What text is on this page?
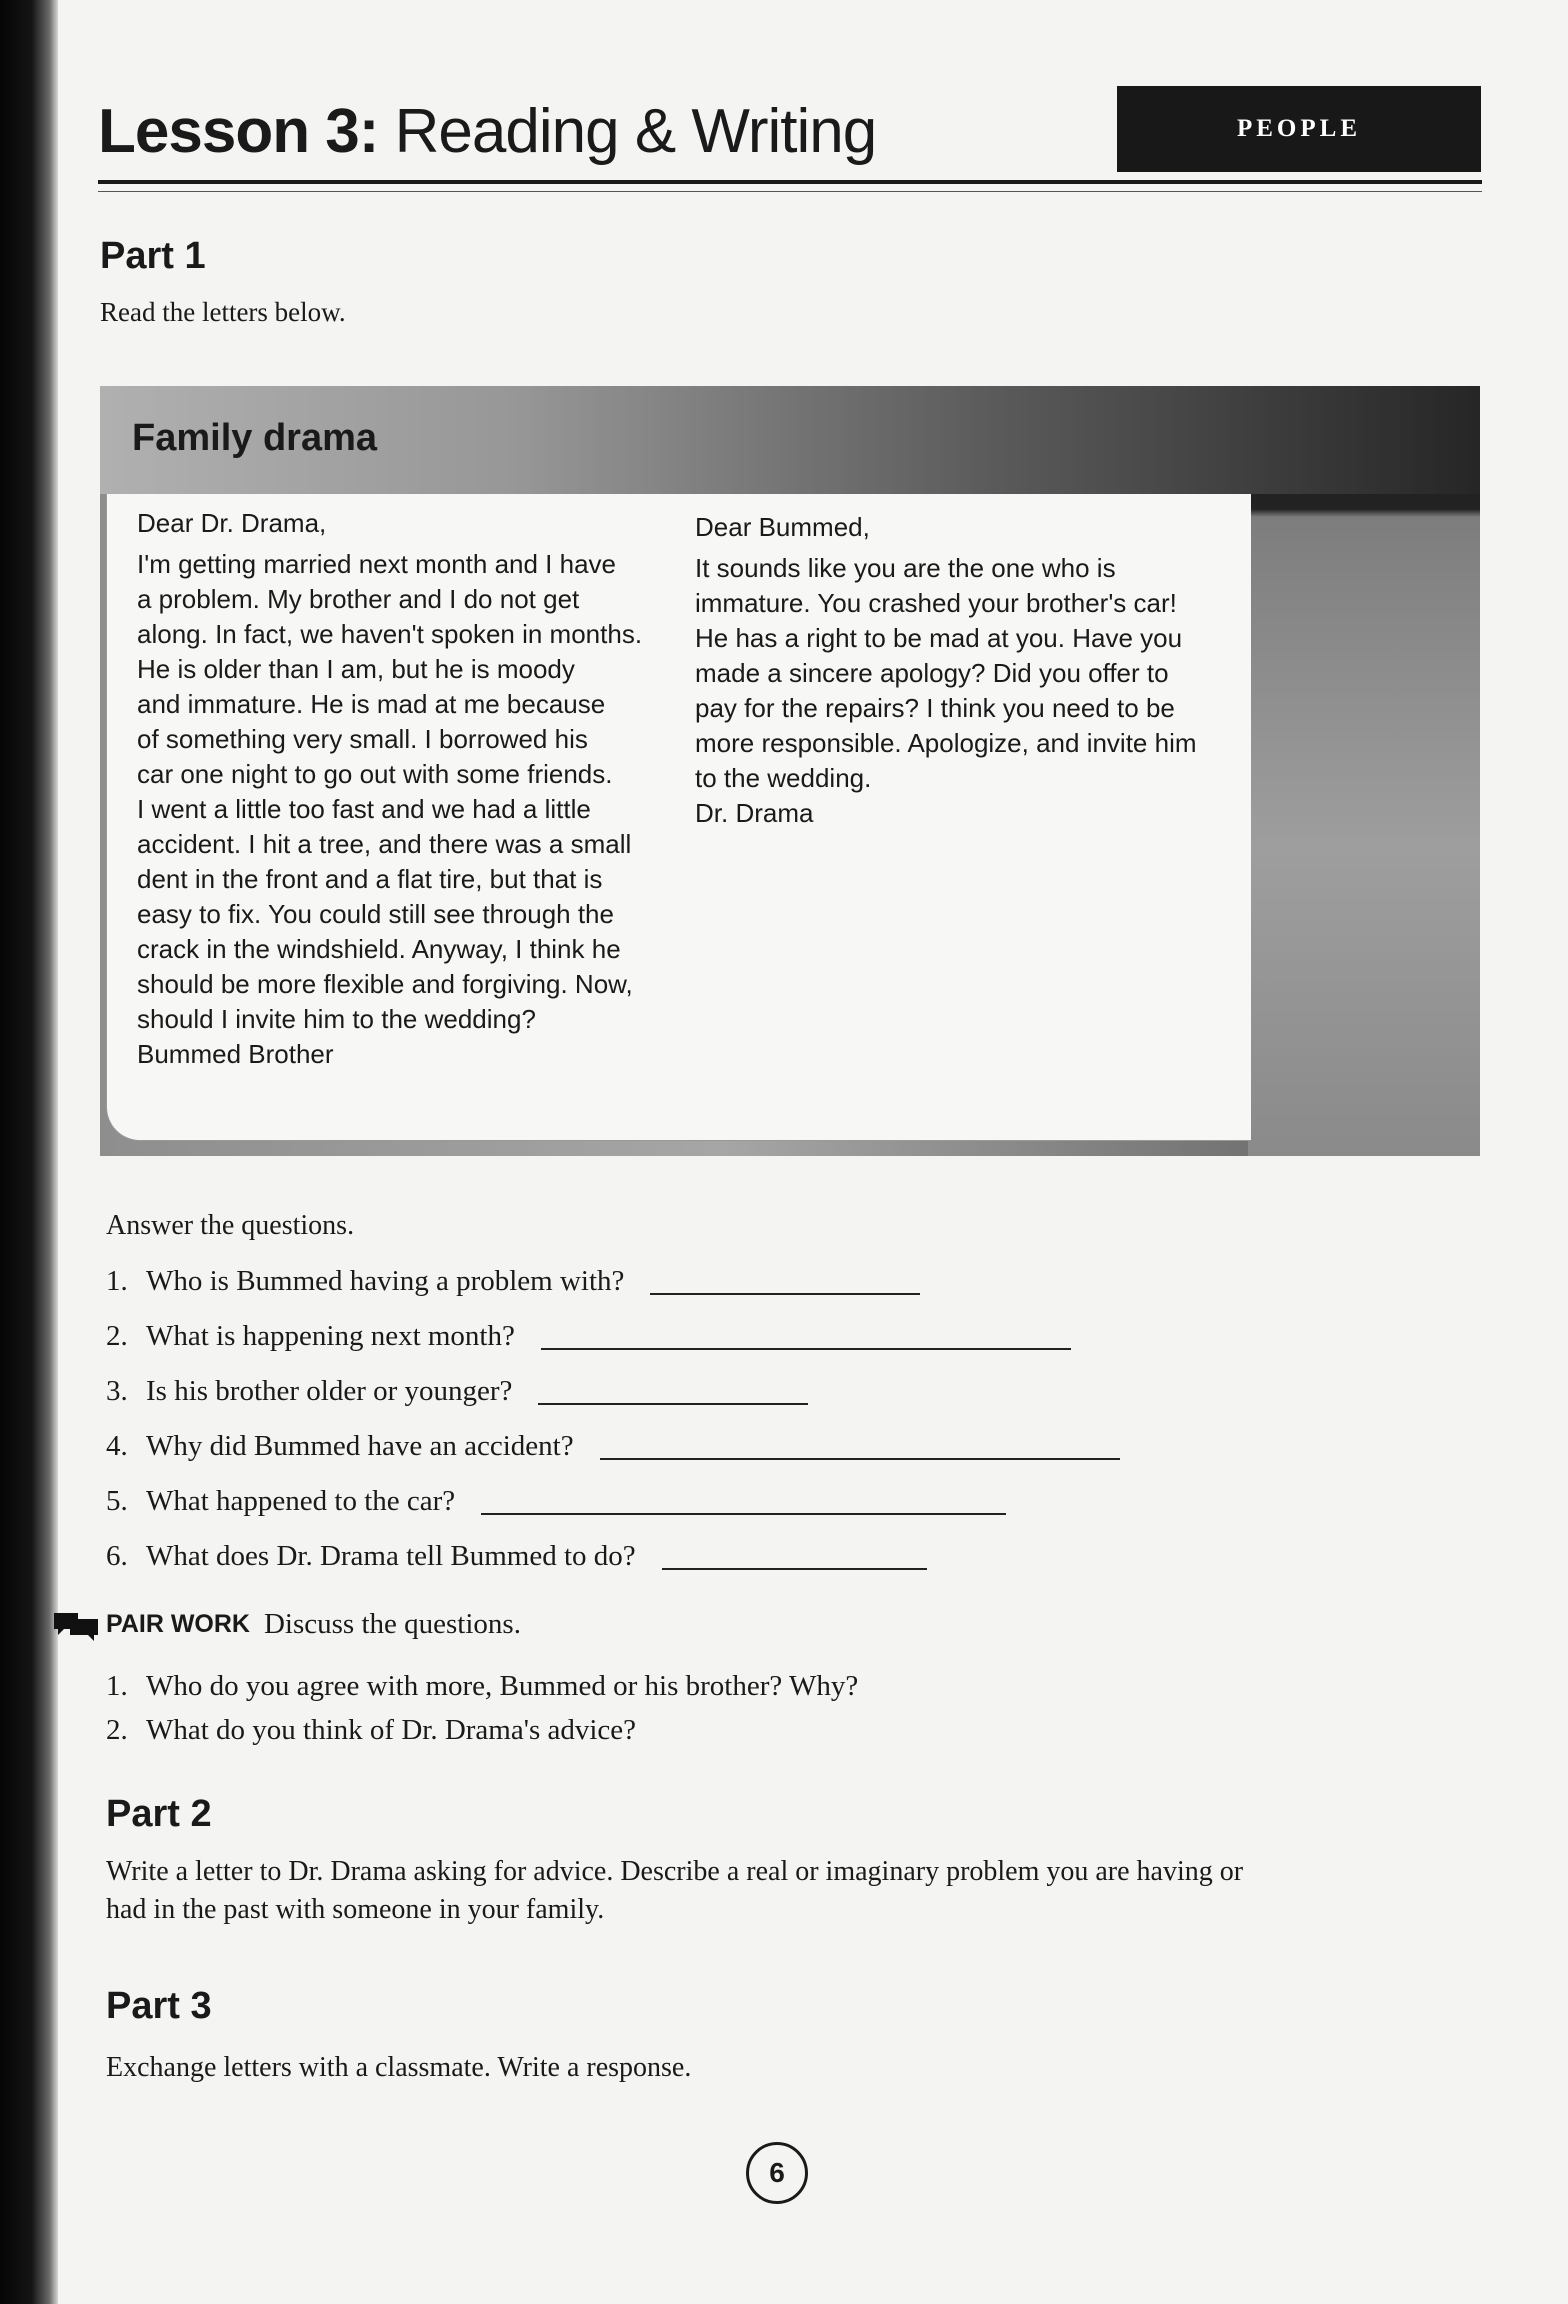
Lesson 3: Reading & Writing	PEOPLE
Part 1

Read the letters below.

Family drama

Dear Dr. Drama,

I'm getting married next month and I have
a problem. My brother and I do not get
along. In fact, we haven't spoken in months.
He is older than I am, but he is moody
and immature. He is mad at me because
of something very small. I borrowed his
car one night to go out with some friends.
I went a little too fast and we had a little
accident. I hit a tree, and there was a small
dent in the front and a flat tire, but that is
easy to fix. You could still see through the
crack in the windshield. Anyway, I think he
should be more flexible and forgiving. Now,
should I invite him to the wedding?

Bummed Brother

Dear Bummed,

It sounds like you are the one who is
immature. You crashed your brother's car!
He has a right to be mad at you. Have you
made a sincere apology? Did you offer to
pay for the repairs? I think you need to be
more responsible. Apologize, and invite him
to the wedding.

Dr. Drama

Answer the questions.

1. Who is Bummed having a problem with?
2. What is happening next month?
3. Is his brother older or younger?
4. Why did Bummed have an accident?
5. What happened to the car?
6. What does Dr. Drama tell Bummed to do?
PAIR WORK Discuss the questions.
1. Who do you agree with more, Bummed or his brother? Why?
2. What do you think of Dr. Drama's advice?
Part 2

Write a letter to Dr. Drama asking for advice. Describe a real or imaginary problem you are having or

had in the past with someone in your family.

Part 3

Exchange letters with a classmate. Write a response.

6
